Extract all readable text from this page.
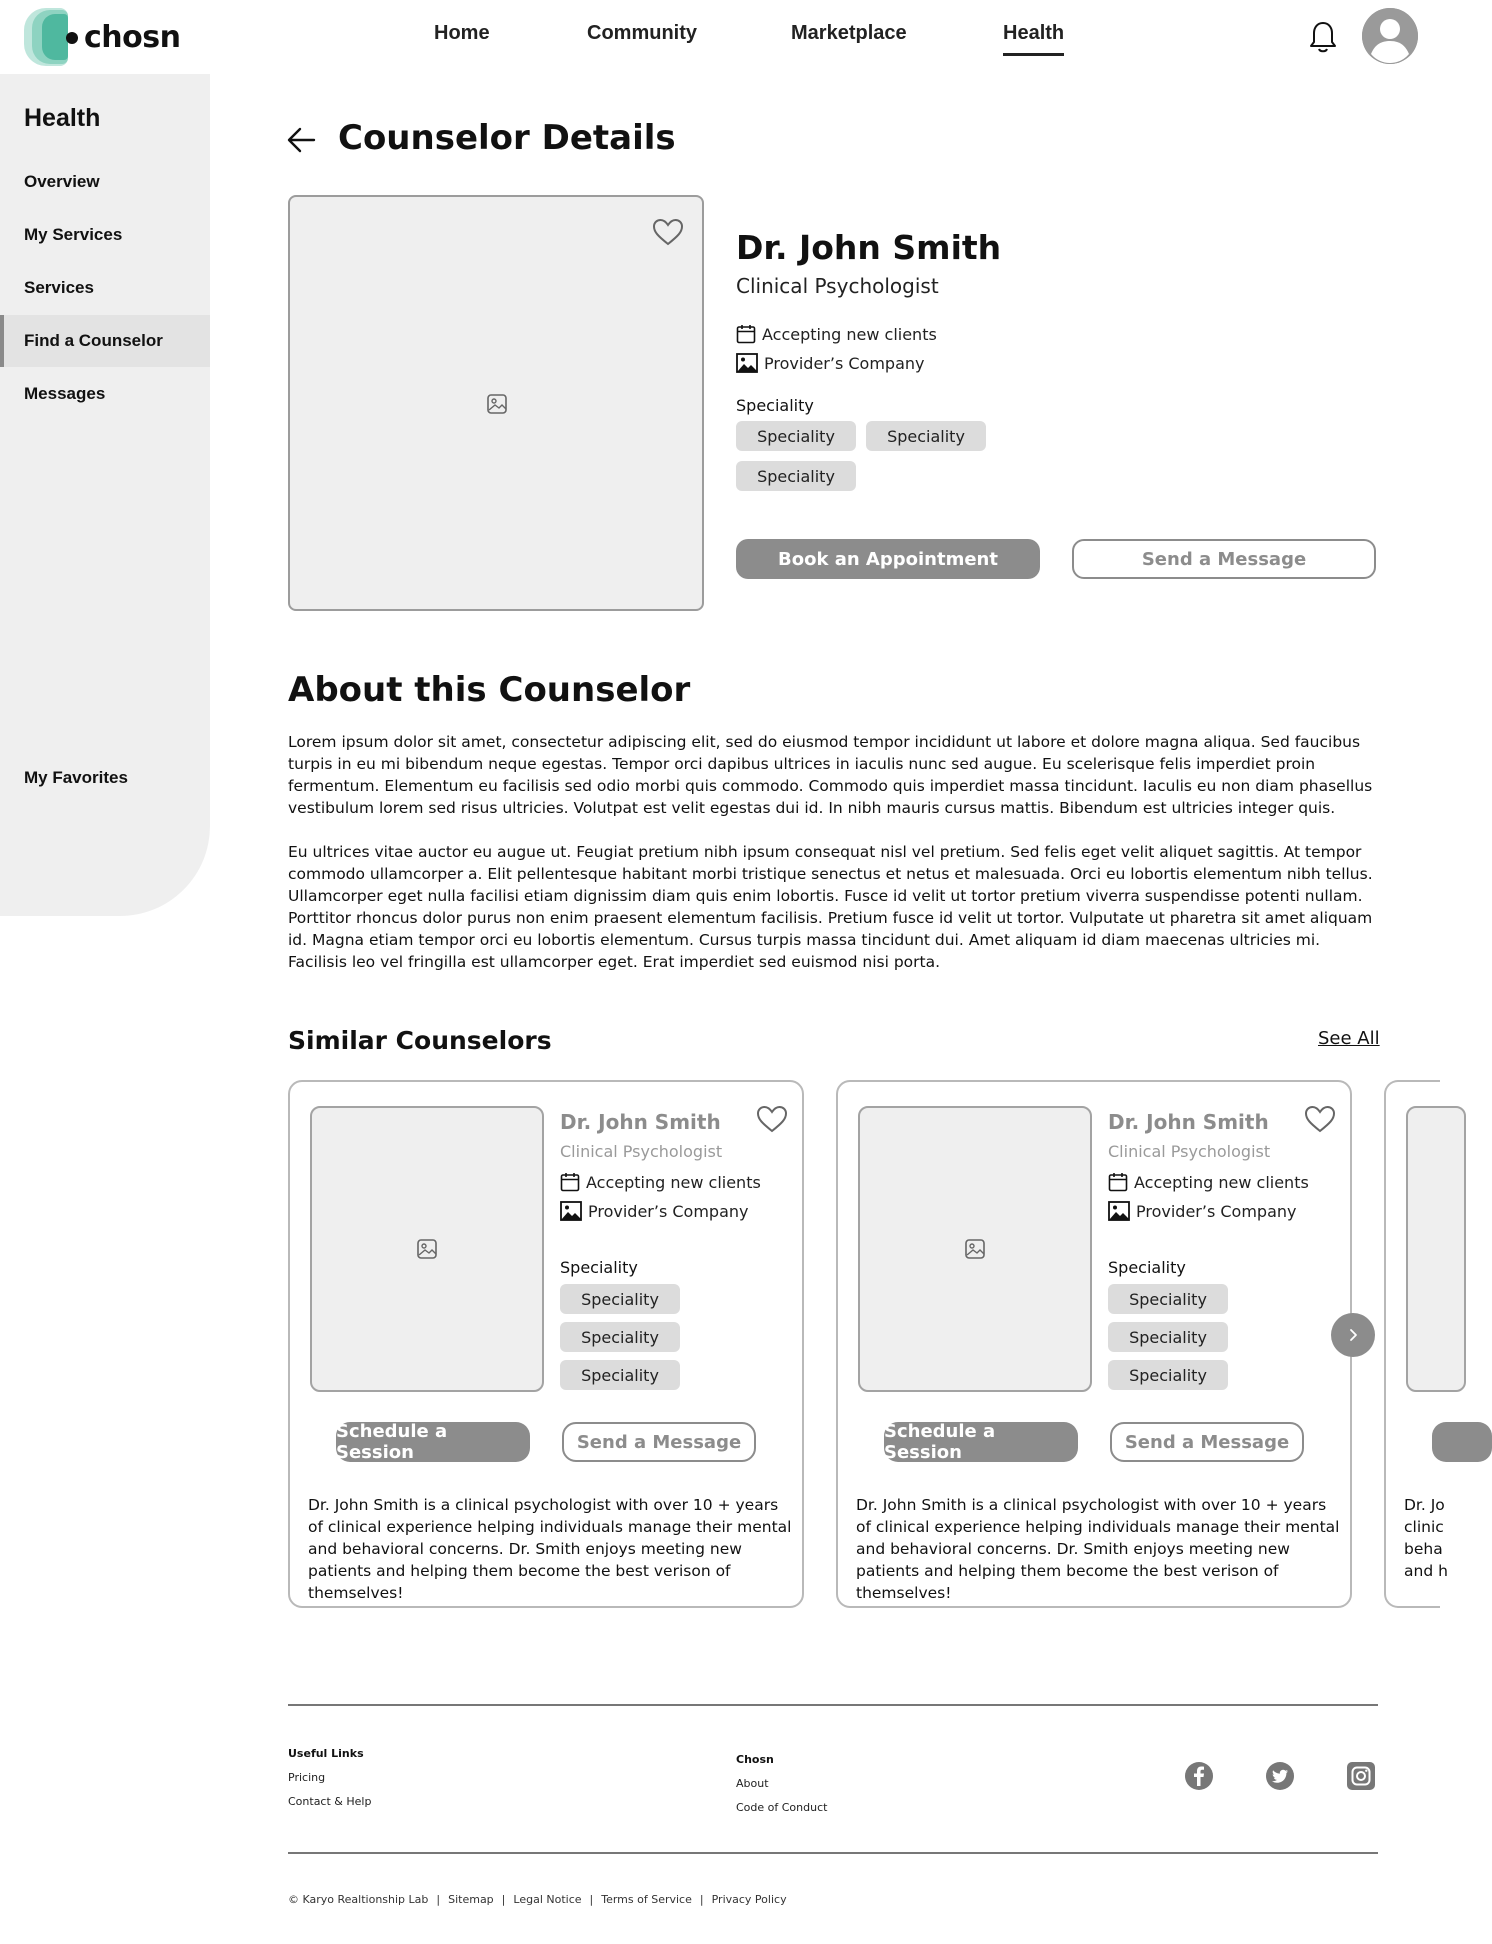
chosn	Home	Community	Marketplace	Health
Health
Overview
My Services
Services
Find a Counselor
Messages
My Favorites
Counselor Details
Dr. John Smith
Clinical Psychologist
Accepting new clients
Provider’s Company
Speciality
Speciality	Speciality
Speciality
Book an Appointment	Send a Message
About this Counselor

Lorem ipsum dolor sit amet, consectetur adipiscing elit, sed do eiusmod tempor incididunt ut labore et dolore magna aliqua. Sed faucibus turpis in eu mi bibendum neque egestas. Tempor orci dapibus ultrices in iaculis nunc sed augue. Eu scelerisque felis imperdiet proin fermentum. Elementum eu facilisis sed odio morbi quis commodo. Commodo quis imperdiet massa tincidunt. Iaculis eu non diam phasellus vestibulum lorem sed risus ultricies. Volutpat est velit egestas dui id. In nibh mauris cursus mattis. Bibendum est ultricies integer quis.

Eu ultrices vitae auctor eu augue ut. Feugiat pretium nibh ipsum consequat nisl vel pretium. Sed felis eget velit aliquet sagittis. At tempor commodo ullamcorper a. Elit pellentesque habitant morbi tristique senectus et netus et malesuada. Orci eu lobortis elementum nibh tellus. Ullamcorper eget nulla facilisi etiam dignissim diam quis enim lobortis. Fusce id velit ut tortor pretium viverra suspendisse potenti nullam. Porttitor rhoncus dolor purus non enim praesent elementum facilisis. Pretium fusce id velit ut tortor. Vulputate ut pharetra sit amet aliquam id. Magna etiam tempor orci eu lobortis elementum. Cursus turpis massa tincidunt dui. Amet aliquam id diam maecenas ultricies mi. Facilisis leo vel fringilla est ullamcorper eget. Erat imperdiet sed euismod nisi porta.

Similar Counselors	See All
Dr. John Smith
Clinical Psychologist
Accepting new clients
Provider’s Company
Speciality
Speciality
Speciality
Speciality
Schedule a Session	Send a Message

Dr. John Smith is a clinical psychologist with over 10 + years of clinical experience helping individuals manage their mental and behavioral concerns. Dr. Smith enjoys meeting new patients and helping them become the best verison of themselves!

Dr. John Smith
Clinical Psychologist
Accepting new clients
Provider’s Company
Speciality
Speciality
Speciality
Speciality
Schedule a Session	Send a Message

Dr. John Smith is a clinical psychologist with over 10 + years of clinical experience helping individuals manage their mental and behavioral concerns. Dr. Smith enjoys meeting new patients and helping them become the best verison of themselves!

Dr. Jo
clinic
beha
and h
Useful Links
Pricing
Contact & Help
Chosn
About
Code of Conduct
© Karyo Realtionship Lab | Sitemap | Legal Notice | Terms of Service | Privacy Policy
